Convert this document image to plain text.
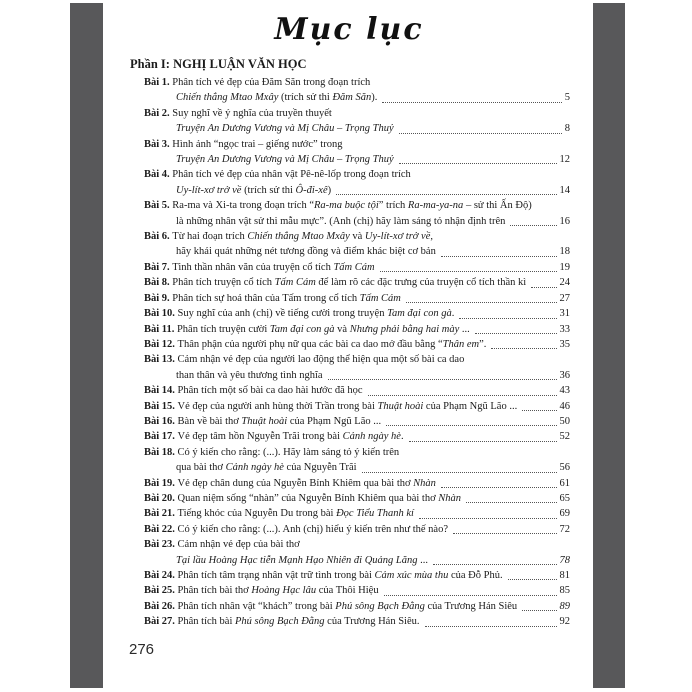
Mục lục
Phần I: NGHỊ LUẬN VĂN HỌC
Bài 1. Phân tích vẻ đẹp của Đăm Săn trong đoạn trích
Chiến thắng Mtao Mxây (trích sử thi Đăm Săn).	5
Bài 2. Suy nghĩ về ý nghĩa của truyền thuyết
Truyện An Dương Vương và Mị Châu – Trọng Thuỷ	8
Bài 3. Hình ảnh “ngọc trai – giếng nước” trong
Truyện An Dương Vương và Mị Châu – Trọng Thuỷ	12
Bài 4. Phân tích vẻ đẹp của nhân vật Pê-nê-lốp trong đoạn trích
Uy-lít-xơ trở về (trích sử thi Ô-đi-xê)	14
Bài 5. Ra-ma và Xi-ta trong đoạn trích “Ra-ma buộc tội” trích Ra-ma-ya-na – sử thi Ấn Độ)
là những nhân vật sử thi mẫu mực”. (Anh (chị) hãy làm sáng tỏ nhận định trên	16
Bài 6. Từ hai đoạn trích Chiến thắng Mtao Mxây và Uy-lít-xơ trở về,
hãy khái quát những nét tương đồng và điểm khác biệt cơ bản	18
Bài 7. Tinh thần nhân văn của truyện cổ tích Tấm Cám	19
Bài 8. Phân tích truyện cổ tích Tấm Cám để làm rõ các đặc trưng của truyện cổ tích thần kì	24
Bài 9. Phân tích sự hoá thân của Tấm trong cổ tích Tấm Cám	27
Bài 10. Suy nghĩ của anh (chị) về tiếng cười trong truyện Tam đại con gà.	31
Bài 11. Phân tích truyện cười Tam đại con gà và Nhưng phải bằng hai mày ...	33
Bài 12. Thân phận của người phụ nữ qua các bài ca dao mở đầu bằng “Thân em”.	35
Bài 13. Cảm nhận vẻ đẹp của người lao động thể hiện qua một số bài ca dao
than thân và yêu thương tình nghĩa	36
Bài 14. Phân tích một số bài ca dao hài hước đã học	43
Bài 15. Vẻ đẹp của người anh hùng thời Trần trong bài Thuật hoài của Phạm Ngũ Lão ...	46
Bài 16. Bàn về bài thơ Thuật hoài của Phạm Ngũ Lão ...	50
Bài 17. Vẻ đẹp tâm hồn Nguyễn Trãi trong bài Cảnh ngày hè.	52
Bài 18. Có ý kiến cho rằng: (...). Hãy làm sáng tỏ ý kiến trên
qua bài thơ Cảnh ngày hè của Nguyễn Trãi	56
Bài 19. Vẻ đẹp chân dung của Nguyễn Bỉnh Khiêm qua bài thơ Nhàn	61
Bài 20. Quan niệm sống “nhàn” của Nguyễn Bỉnh Khiêm qua bài thơ Nhàn	65
Bài 21. Tiếng khóc của Nguyễn Du trong bài Đọc Tiểu Thanh kí	69
Bài 22. Có ý kiến cho rằng: (...). Anh (chị) hiểu ý kiến trên như thế nào?	72
Bài 23. Cảm nhận vẻ đẹp của bài thơ
Tại lầu Hoàng Hạc tiễn Mạnh Hạo Nhiên đi Quảng Lăng ...	78
Bài 24. Phân tích tâm trạng nhân vật trữ tình trong bài Cảm xúc mùa thu của Đỗ Phủ.	81
Bài 25. Phân tích bài thơ Hoàng Hạc lâu của Thôi Hiệu	85
Bài 26. Phân tích nhân vật “khách” trong bài Phú sông Bạch Đằng của Trương Hán Siêu	89
Bài 27. Phân tích bài Phú sông Bạch Đằng của Trương Hán Siêu.	92
276
